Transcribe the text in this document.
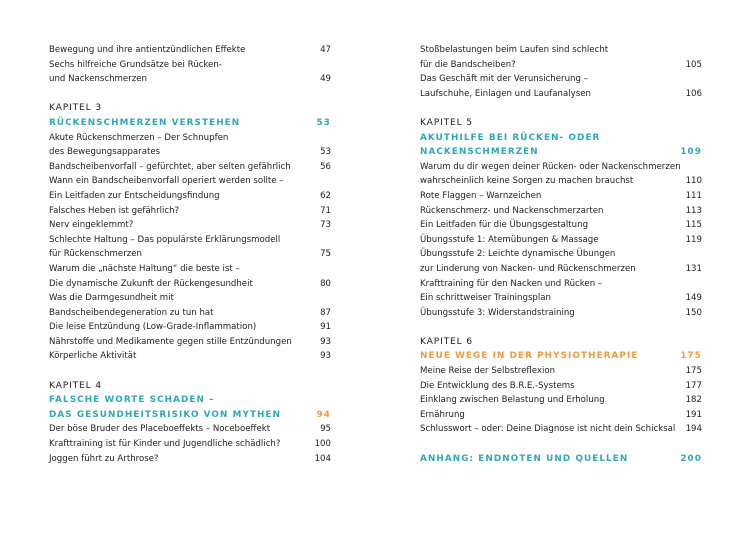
Bewegung und ihre antientzündlichen Effekte	47
Sechs hilfreiche Grundsätze bei Rücken-
und Nackenschmerzen	49
KAPITEL 3
RÜCKENSCHMERZEN VERSTEHEN	53
Akute Rückenschmerzen – Der Schnupfen
des Bewegungsapparates	53
Bandscheibenvorfall – gefürchtet, aber selten gefährlich	56
Wann ein Bandscheibenvorfall operiert werden sollte –
Ein Leitfaden zur Entscheidungsfindung	62
Falsches Heben ist gefährlich?	71
Nerv eingeklemmt?	73
Schlechte Haltung – Das populärste Erklärungsmodell
für Rückenschmerzen	75
Warum die „nächste Haltung“ die beste ist –
Die dynamische Zukunft der Rückengesundheit	80
Was die Darmgesundheit mit
Bandscheibendegeneration zu tun hat	87
Die leise Entzündung (Low-Grade-Inflammation)	91
Nährstoffe und Medikamente gegen stille Entzündungen	93
Körperliche Aktivität	93
KAPITEL 4
FALSCHE WORTE SCHADEN –
DAS GESUNDHEITSRISIKO VON MYTHEN	94
Der böse Bruder des Placeboeffekts – Noceboeffekt	95
Krafttraining ist für Kinder und Jugendliche schädlich?	100
Joggen führt zu Arthrose?	104
Stoßbelastungen beim Laufen sind schlecht
für die Bandscheiben?	105
Das Geschäft mit der Verunsicherung –
Laufschuhe, Einlagen und Laufanalysen	106
KAPITEL 5
AKUTHILFE BEI RÜCKEN- ODER
NACKENSCHMERZEN	109
Warum du dir wegen deiner Rücken- oder Nackenschmerzen
wahrscheinlich keine Sorgen zu machen brauchst	110
Rote Flaggen – Warnzeichen	111
Rückenschmerz- und Nackenschmerzarten	113
Ein Leitfaden für die Übungsgestaltung	115
Übungsstufe 1: Atemübungen & Massage	119
Übungsstufe 2: Leichte dynamische Übungen
zur Linderung von Nacken- und Rückenschmerzen	131
Krafttraining für den Nacken und Rücken –
Ein schrittweiser Trainingsplan	149
Übungsstufe 3: Widerstandstraining	150
KAPITEL 6
NEUE WEGE IN DER PHYSIOTHERAPIE	175
Meine Reise der Selbstreflexion	175
Die Entwicklung des B.R.E.-Systems	177
Einklang zwischen Belastung und Erholung	182
Ernährung	191
Schlusswort – oder: Deine Diagnose ist nicht dein Schicksal 194
ANHANG: ENDNOTEN UND QUELLEN	200
